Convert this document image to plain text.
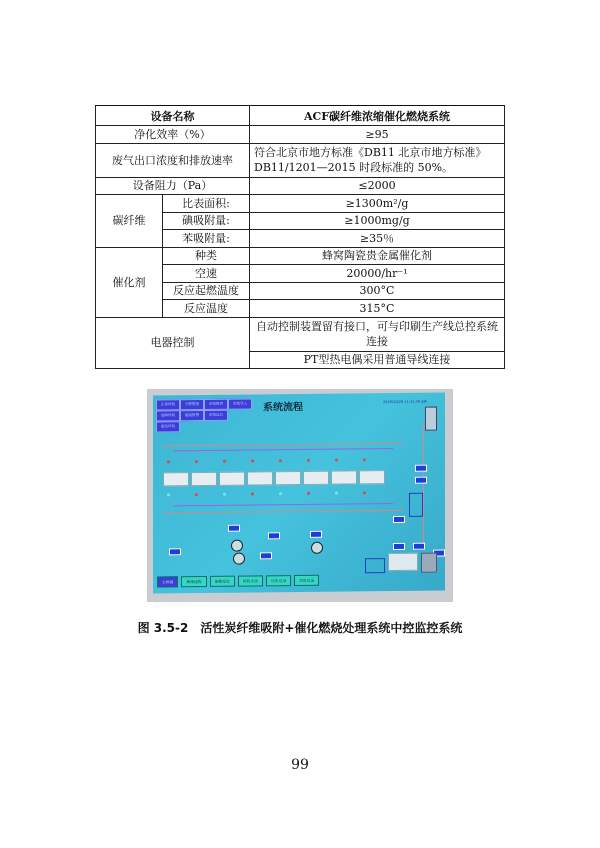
设备名称		ACF碳纤维浓缩催化燃烧系统
净化效率（%）		≥95
废气出口浓度和排放速率		符合北京市地方标准《DB11 北京市地方标准》
DB11/1201—2015 时段标准的 50%。

设备阻力（Pa）		≤2000
碳纤维	比表面积:	≥1300m²/g
	碘吸附量:	≥1000mg/g
	苯吸附量:	≥35％
催化剂	种类	蜂窝陶瓷贵金属催化剂
	空速	20000/hr⁻¹
	反应起燃温度	300°C
	反应温度	315°C
电器控制		自动控制装置留有接口，可与印刷生产线总控系统连接
		PT型热电偶采用普通导线连接
正常停机	火警警报	系统暂停	系统导入
故障停机	超温报警	系统运行
紧急停机
系统流程
2019/10/20 11:31:39 AM
主画面	系统流程	参数设定	风机手动	历史记录	实时记录
图 3.5-2　活性炭纤维吸附+催化燃烧处理系统中控监控系统
99
